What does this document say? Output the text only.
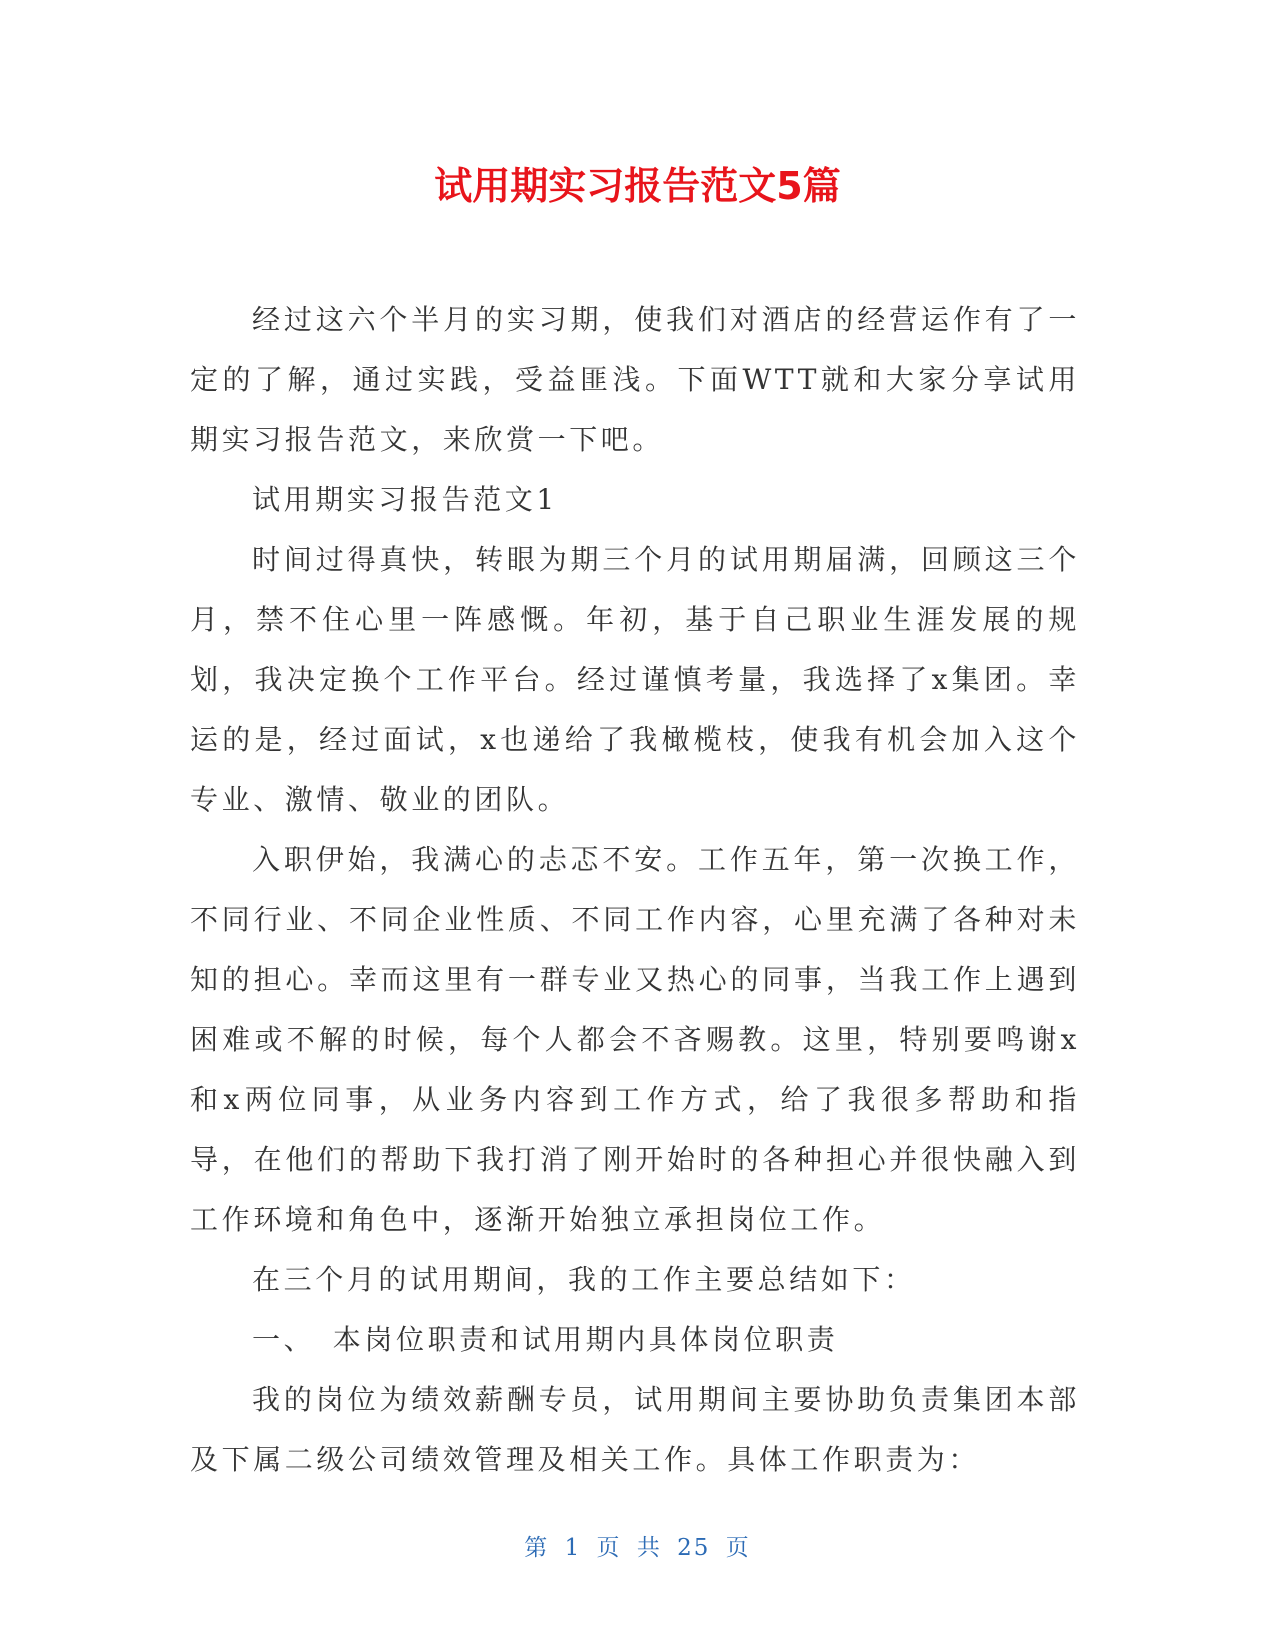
试用期实习报告范文5篇

经过这六个半月的实习期，使我们对酒店的经营运作有了一定的了解，通过实践，受益匪浅。下面WTT就和大家分享试用期实习报告范文，来欣赏一下吧。

试用期实习报告范文1

时间过得真快，转眼为期三个月的试用期届满，回顾这三个月，禁不住心里一阵感慨。年初，基于自己职业生涯发展的规划，我决定换个工作平台。经过谨慎考量，我选择了x集团。幸运的是，经过面试，x也递给了我橄榄枝，使我有机会加入这个专业、激情、敬业的团队。

入职伊始，我满心的忐忑不安。工作五年，第一次换工作，不同行业、不同企业性质、不同工作内容，心里充满了各种对未知的担心。幸而这里有一群专业又热心的同事，当我工作上遇到困难或不解的时候，每个人都会不吝赐教。这里，特别要鸣谢x和x两位同事，从业务内容到工作方式，给了我很多帮助和指导，在他们的帮助下我打消了刚开始时的各种担心并很快融入到工作环境和角色中，逐渐开始独立承担岗位工作。

在三个月的试用期间，我的工作主要总结如下：

一、　本岗位职责和试用期内具体岗位职责

我的岗位为绩效薪酬专员，试用期间主要协助负责集团本部及下属二级公司绩效管理及相关工作。具体工作职责为：

第 1 页 共 25 页
